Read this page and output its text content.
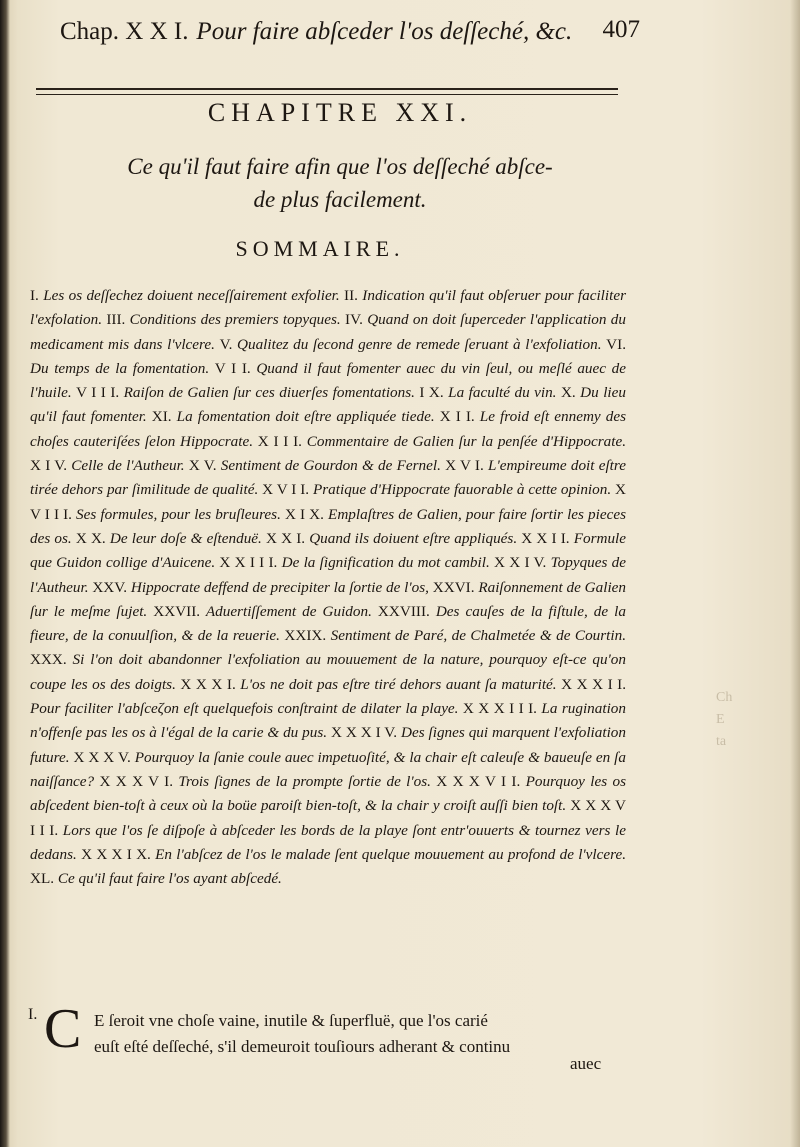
Chap. X X I. Pour faire abſceder l'os deſſeché, &c. 407
CHAPITRE XXI.
Ce qu'il faut faire afin que l'os deſſeché abſce-
de plus facilement.
SOMMAIRE.
I. Les os deſſechez doiuent neceſſairement exfolier. II. Indication qu'il faut obſeruer pour faciliter l'exfolation. III. Conditions des premiers topyques. IV. Quand on doit ſuperceder l'application du medicament mis dans l'vlcere. V. Qualitez du ſecond genre de remede ſeruant à l'exfoliation. VI. Du temps de la fomentation. V I I. Quand il faut fomenter auec du vin ſeul, ou meſlé auec de l'huile. V I I I. Raiſon de Galien ſur ces diuerſes fomentations. I X. La faculté du vin. X. Du lieu qu'il faut fomenter. XI. La fomentation doit eſtre appliquée tiede. X I I. Le froid eſt ennemy des choſes cauteriſées ſelon Hippocrate. X I I I. Commentaire de Galien ſur la penſée d'Hippocrate. X I V. Celle de l'Autheur. X V. Sentiment de Gourdon & de Fernel. X V I. L'empireume doit eſtre tirée dehors par ſimilitude de qualité. X V I I. Pratique d'Hippocrate fauorable à cette opinion. X V I I I. Ses formules, pour les bruſleures. X I X. Emplaſtres de Galien, pour faire ſortir les pieces des os. X X. De leur doſe & eſtenduë. X X I. Quand ils doiuent eſtre appliqués. X X I I. Formule que Guidon collige d'Auicene. X X I I I. De la ſignification du mot cambil. X X I V. Topyques de l'Autheur. XXV. Hippocrate deffend de precipiter la ſortie de l'os, XXVI. Raiſonnement de Galien ſur le meſme ſujet. XXVII. Aduertiſſement de Guidon. XXVIII. Des cauſes de la fiſtule, de la fieure, de la conuulſion, & de la reuerie. XXIX. Sentiment de Paré, de Chalmetée & de Courtin. XXX. Si l'on doit abandonner l'exfoliation au mouuement de la nature, pourquoy eſt-ce qu'on coupe les os des doigts. X X X I. L'os ne doit pas eſtre tiré dehors auant ſa maturité. X X X I I. Pour faciliter l'abſceζon eſt quelquefois conſtraint de dilater la playe. X X X I I I. La rugination n'offenſe pas les os à l'égal de la carie & du pus. X X X I V. Des ſignes qui marquent l'exfoliation future. X X X V. Pourquoy la ſanie coule auec impetuoſité, & la chair eſt caleuſe & baueuſe en ſa naiſſance? X X X V I. Trois ſignes de la prompte ſortie de l'os. X X X V I I. Pourquoy les os abſcedent bien-toſt à ceux où la boüe paroiſt bien-toſt, & la chair y croiſt auſſi bien toſt. X X X V I I I. Lors que l'os ſe diſpoſe à abſceder les bords de la playe ſont entr'ouuerts & tournez vers le dedans. X X X I X. En l'abſcez de l'os le malade ſent quelque mouuement au profond de l'vlcere. XL. Ce qu'il faut faire l'os ayant abſcedé.
I. C E ſeroit vne choſe vaine, inutile & ſuperfluë, que l'os carié
euſt eſté deſſeché, s'il demeuroit touſiours adherant & continu
auec
Ch
E
ta
